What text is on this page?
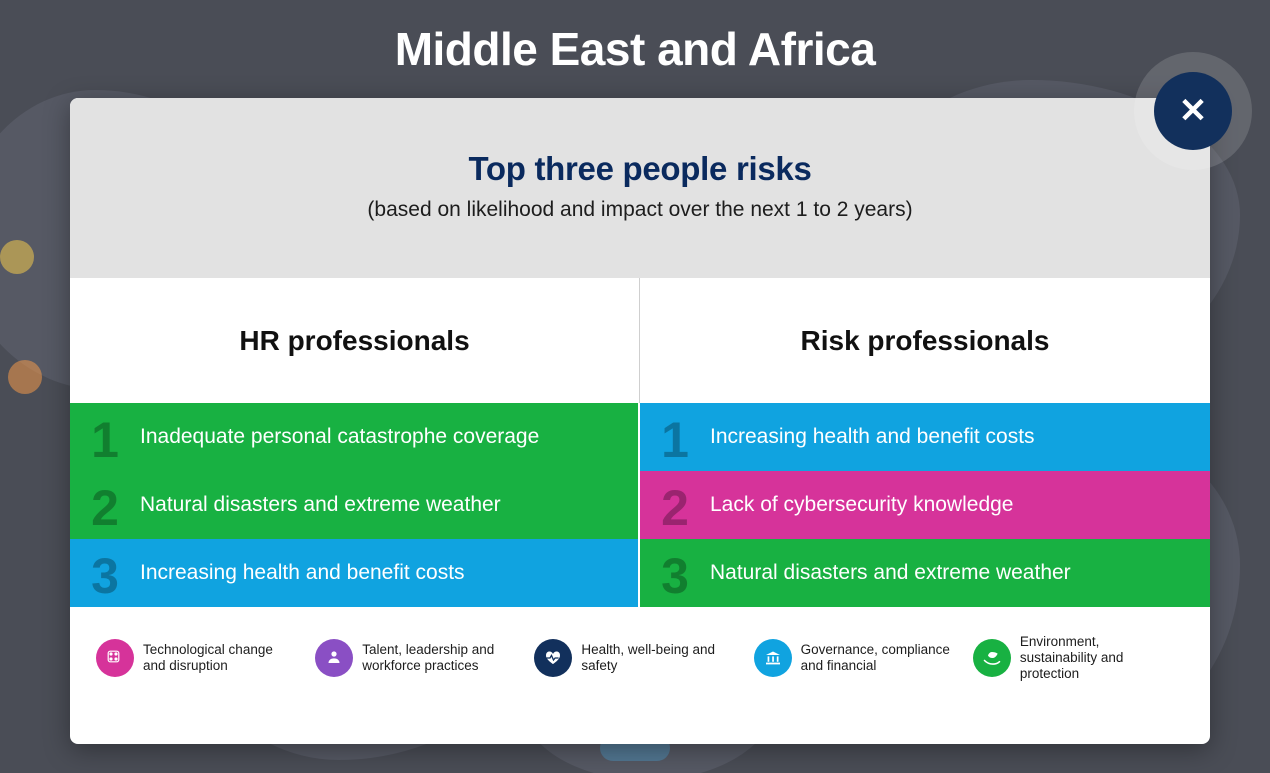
Middle East and Africa
✕
Top three people risks

(based on likelihood and impact over the next 1 to 2 years)

HR professionals	Risk professionals
1	Inadequate personal catastrophe coverage	1	Increasing health and benefit costs
2	Natural disasters and extreme weather	2	Lack of cybersecurity knowledge
3	Increasing health and benefit costs	3	Natural disasters and extreme weather
Technological change and disruption
Talent, leadership and workforce practices
Health, well-being and safety
Governance, compliance and financial
Environment, sustainability and protection
